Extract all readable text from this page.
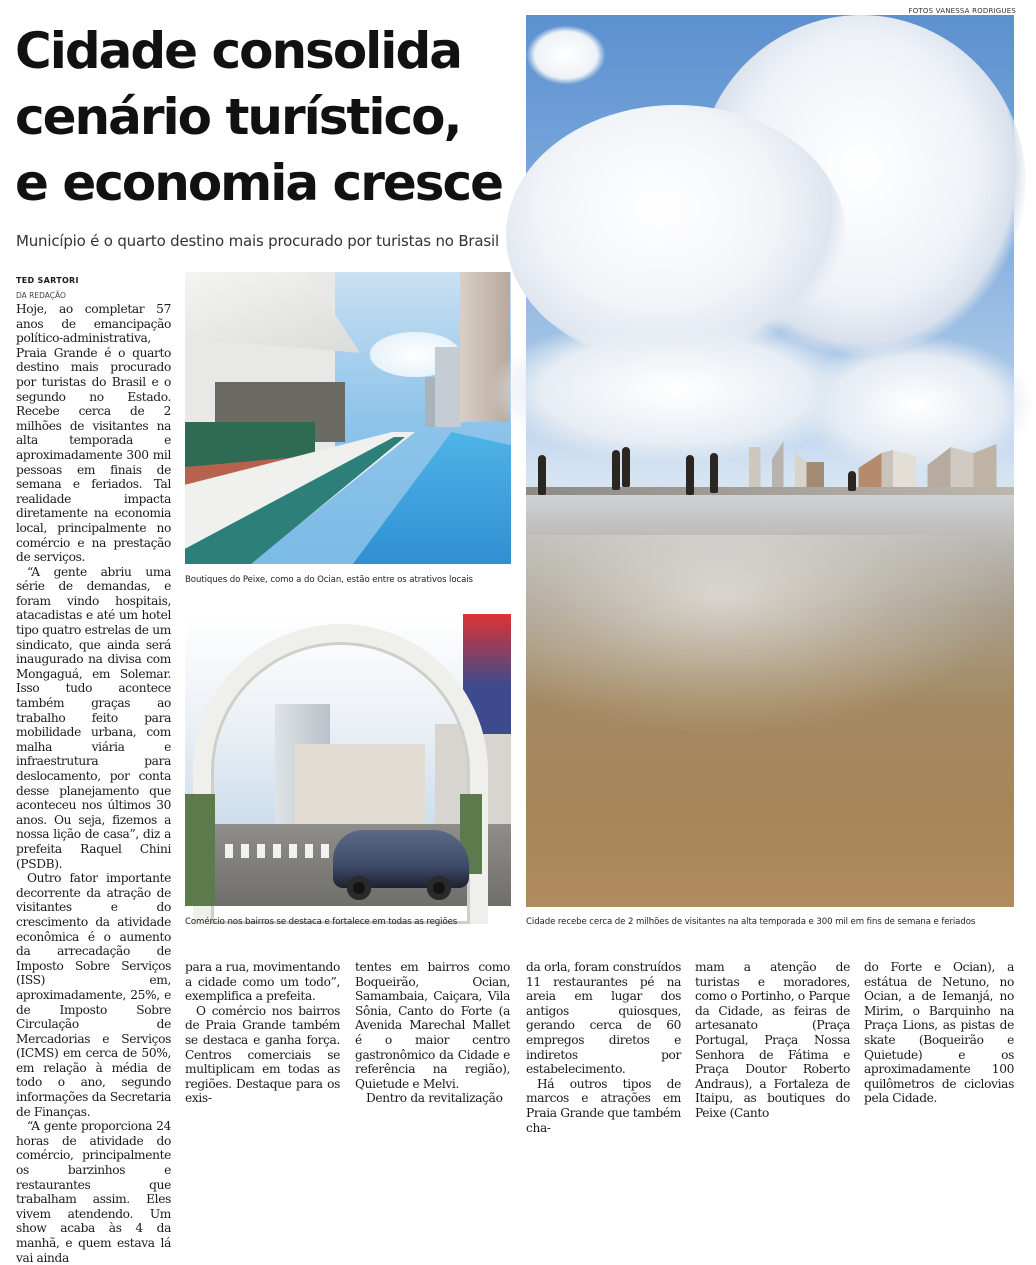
FOTOS VANESSA RODRIGUES
Cidade consolida
cenário turístico,
e economia cresce
Município é o quarto destino mais procurado por turistas no Brasil
TED SARTORI
DA REDAÇÃO

Hoje, ao completar 57 anos de emancipação político-administrativa, Praia Grande é o quarto destino mais procurado por turistas do Brasil e o segundo no Estado. Recebe cerca de 2 milhões de visitantes na alta temporada e aproximadamente 300 mil pessoas em finais de semana e feriados. Tal realidade impacta diretamente na economia local, principalmente no comércio e na prestação de serviços.

“A gente abriu uma série de demandas, e foram vindo hospitais, atacadistas e até um hotel tipo quatro estrelas de um sindicato, que ainda será inaugurado na divisa com Mongaguá, em Solemar. Isso tudo acontece também graças ao trabalho feito para mobilidade urbana, com malha viária e infraestrutura para deslocamento, por conta desse planejamento que aconteceu nos últimos 30 anos. Ou seja, fizemos a nossa lição de casa”, diz a prefeita Raquel Chini (PSDB).

Outro fator importante decorrente da atração de visitantes e do crescimento da atividade econômica é o aumento da arrecadação de Imposto Sobre Serviços (ISS) em, aproximadamente, 25%, e de Imposto Sobre Circulação de Mercadorias e Serviços (ICMS) em cerca de 50%, em relação à média de todo o ano, segundo informações da Secretaria de Finanças.

“A gente proporciona 24 horas de atividade do comércio, principalmente os barzinhos e restaurantes que trabalham assim. Eles vivem atendendo. Um show acaba às 4 da manhã, e quem estava lá vai ainda

para a rua, movimentando a cidade como um todo”, exemplifica a prefeita.

O comércio nos bairros de Praia Grande também se destaca e ganha força. Centros comerciais se multiplicam em todas as regiões. Destaque para os exis-

tentes em bairros como Boqueirão, Ocian, Samambaia, Caiçara, Vila Sônia, Canto do Forte (a Avenida Marechal Mallet é o maior centro gastronômico da Cidade e referência na região), Quietude e Melvi.

Dentro da revitalização

da orla, foram construídos 11 restaurantes pé na areia em lugar dos antigos quiosques, gerando cerca de 60 empregos diretos e indiretos por estabelecimento.

Há outros tipos de marcos e atrações em Praia Grande que também cha-

mam a atenção de turistas e moradores, como o Portinho, o Parque da Cidade, as feiras de artesanato (Praça Portugal, Praça Nossa Senhora de Fátima e Praça Doutor Roberto Andraus), a Fortaleza de Itaipu, as boutiques do Peixe (Canto

do Forte e Ocian), a estátua de Netuno, no Ocian, a de Iemanjá, no Mirim, o Barquinho na Praça Lions, as pistas de skate (Boqueirão e Quietude) e os aproximadamente 100 quilômetros de ciclovias pela Cidade.

Boutiques do Peixe, como a do Ocian, estão entre os atrativos locais
Comércio nos bairros se destaca e fortalece em todas as regiões	Cidade recebe cerca de 2 milhões de visitantes na alta temporada e 300 mil em fins de semana e feriados
